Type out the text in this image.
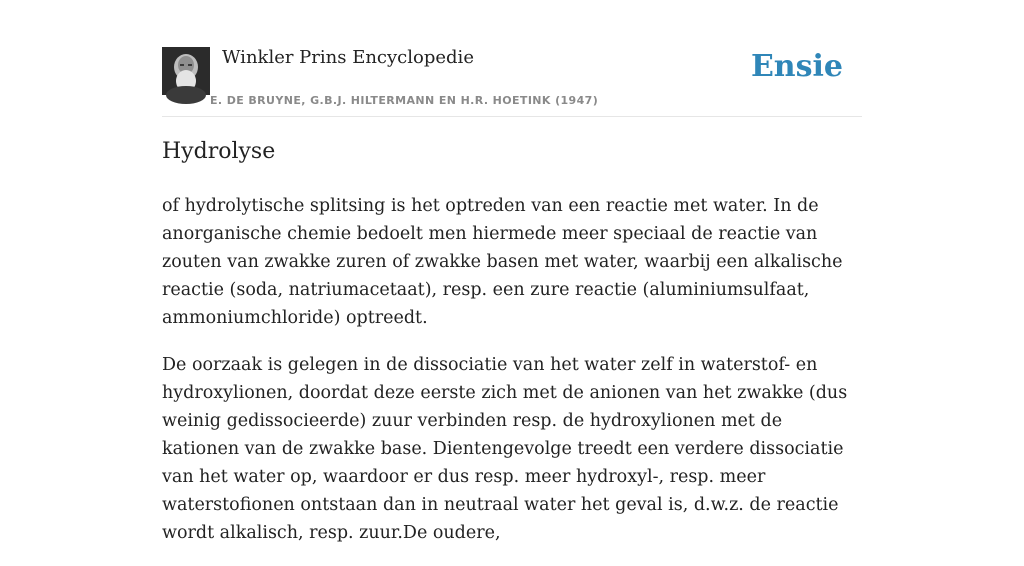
Winkler Prins Encyclopedie
E. DE BRUYNE, G.B.J. HILTERMANN EN H.R. HOETINK (1947)
Ensie
Hydrolyse

of hydrolytische splitsing is het optreden van een reactie met water. In de anorganische chemie bedoelt men hiermede meer speciaal de reactie van zouten van zwakke zuren of zwakke basen met water, waarbij een alkalische reactie (soda, natriumacetaat), resp. een zure reactie (aluminiumsulfaat, ammoniumchloride) optreedt.

De oorzaak is gelegen in de dissociatie van het water zelf in waterstof- en hydroxylionen, doordat deze eerste zich met de anionen van het zwakke (dus weinig gedissocieerde) zuur verbinden resp. de hydroxylionen met de kationen van de zwakke base. Dientengevolge treedt een verdere dissociatie van het water op, waardoor er dus resp. meer hydroxyl-, resp. meer waterstofionen ontstaan dan in neutraal water het geval is, d.w.z. de reactie wordt alkalisch, resp. zuur.De oudere,
